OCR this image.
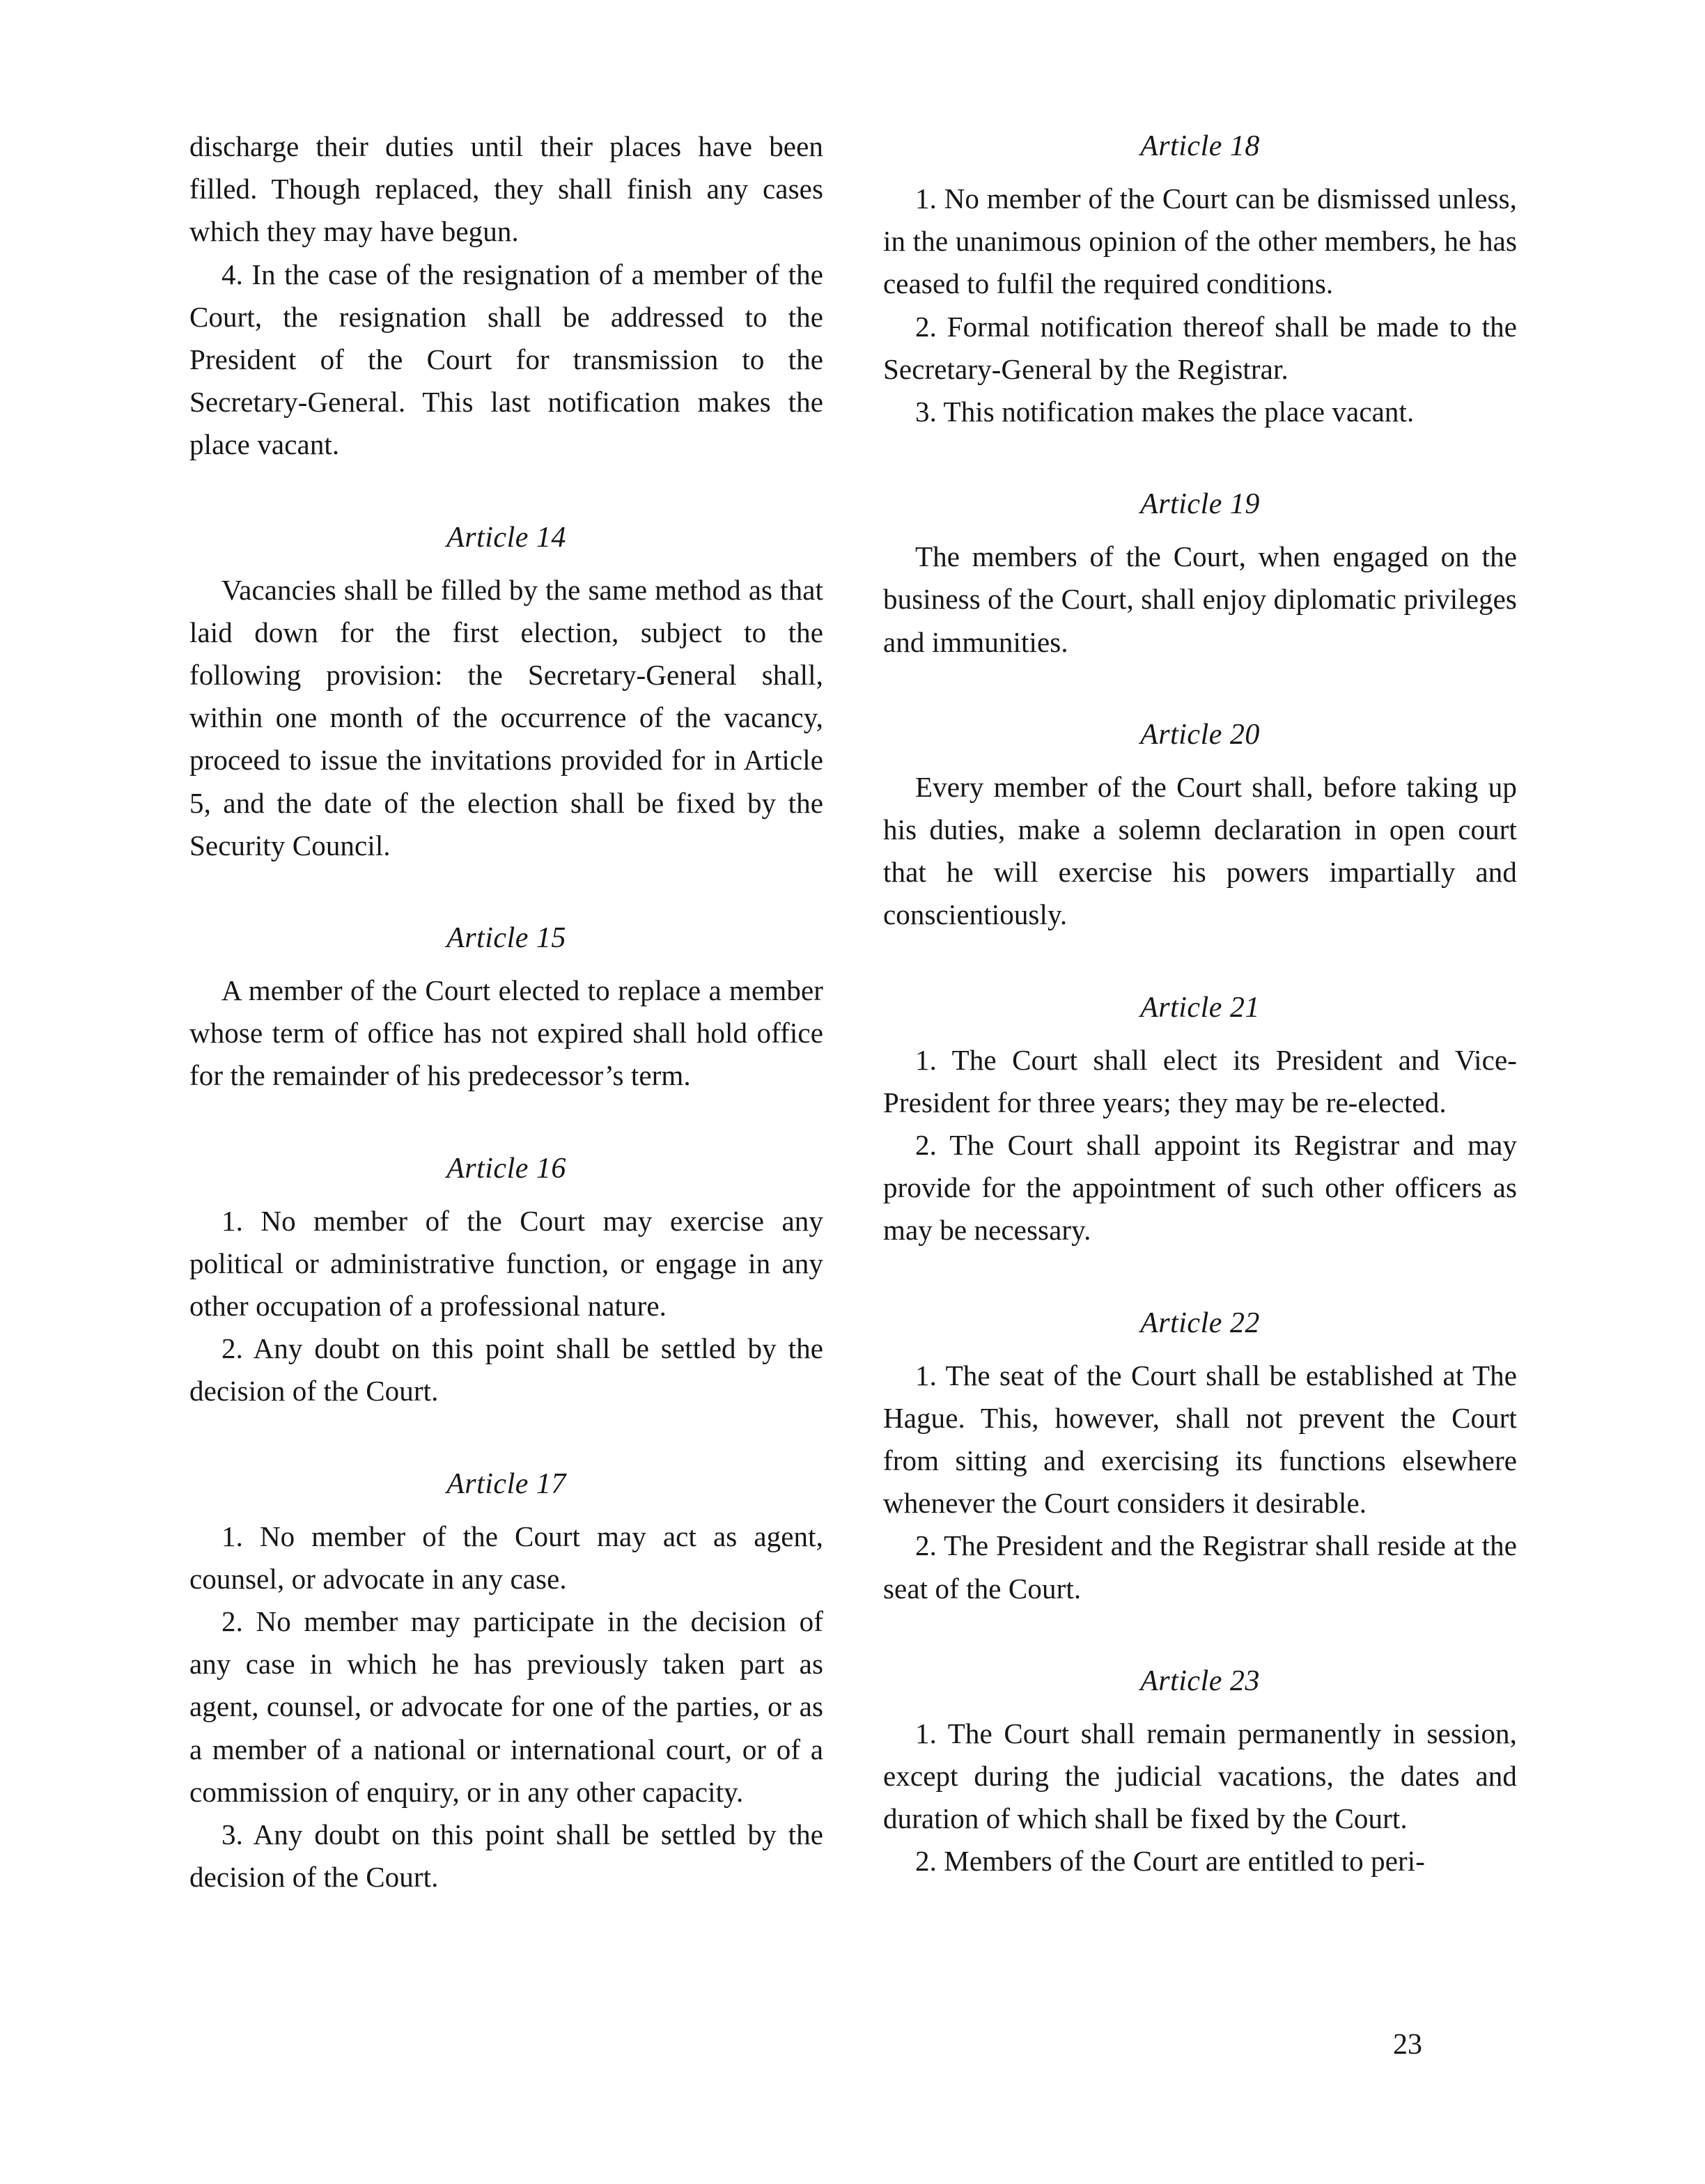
discharge their duties until their places have been filled. Though replaced, they shall finish any cases which they may have begun.

4. In the case of the resignation of a member of the Court, the resignation shall be addressed to the President of the Court for transmission to the Secretary-General. This last notification makes the place vacant.

Article 14

Vacancies shall be filled by the same method as that laid down for the first election, subject to the following provision: the Secretary-General shall, within one month of the occurrence of the vacancy, proceed to issue the invitations provided for in Article 5, and the date of the election shall be fixed by the Security Council.

Article 15

A member of the Court elected to replace a member whose term of office has not expired shall hold office for the remainder of his predecessor’s term.

Article 16

1. No member of the Court may exercise any political or administrative function, or engage in any other occupation of a professional nature.

2. Any doubt on this point shall be settled by the decision of the Court.

Article 17

1. No member of the Court may act as agent, counsel, or advocate in any case.

2. No member may participate in the decision of any case in which he has previously taken part as agent, counsel, or advocate for one of the parties, or as a member of a national or international court, or of a commission of enquiry, or in any other capacity.

3. Any doubt on this point shall be settled by the decision of the Court.

Article 18

1. No member of the Court can be dismissed unless, in the unanimous opinion of the other members, he has ceased to fulfil the required conditions.

2. Formal notification thereof shall be made to the Secretary-General by the Registrar.

3. This notification makes the place vacant.

Article 19

The members of the Court, when engaged on the business of the Court, shall enjoy diplomatic privileges and immunities.

Article 20

Every member of the Court shall, before taking up his duties, make a solemn declaration in open court that he will exercise his powers impartially and conscientiously.

Article 21

1. The Court shall elect its President and Vice-President for three years; they may be re-elected.

2. The Court shall appoint its Registrar and may provide for the appointment of such other officers as may be necessary.

Article 22

1. The seat of the Court shall be established at The Hague. This, however, shall not prevent the Court from sitting and exercising its functions elsewhere whenever the Court considers it desirable.

2. The President and the Registrar shall reside at the seat of the Court.

Article 23

1. The Court shall remain permanently in session, except during the judicial vacations, the dates and duration of which shall be fixed by the Court.

2. Members of the Court are entitled to peri-

23
